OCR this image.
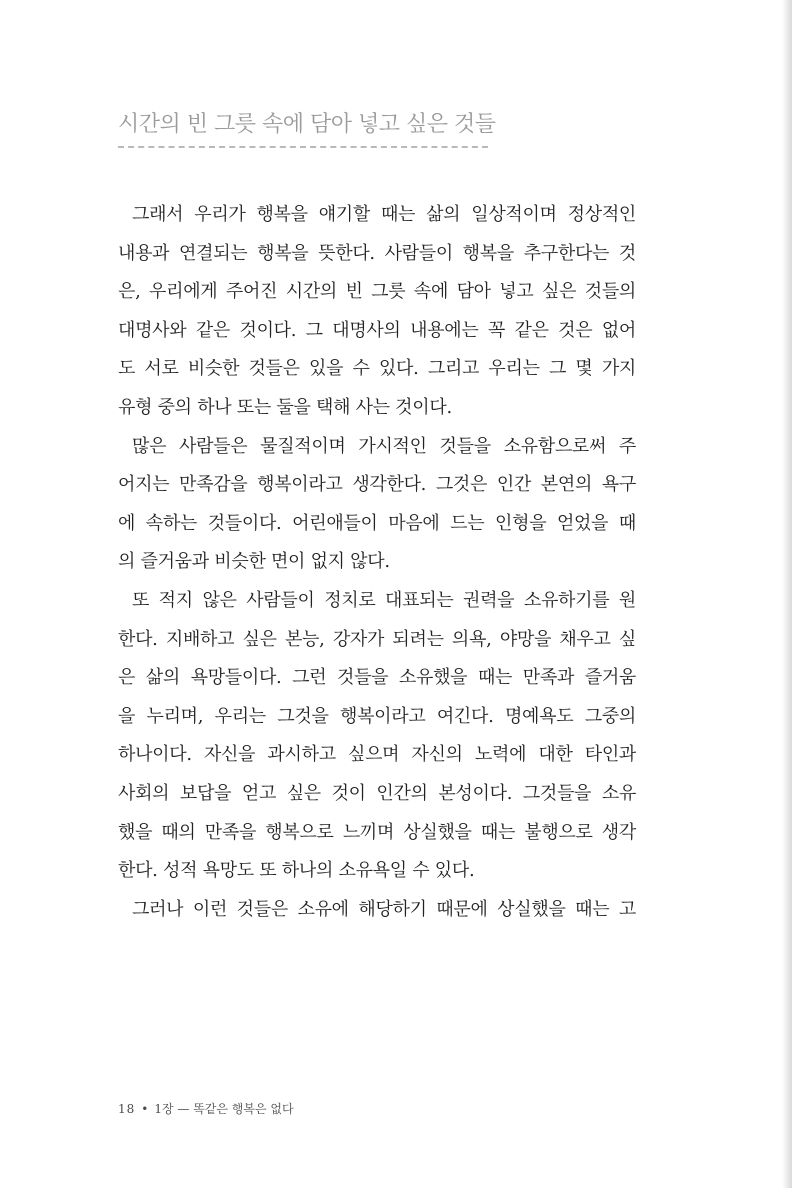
시간의 빈 그릇 속에 담아 넣고 싶은 것들
그래서 우리가 행복을 얘기할 때는 삶의 일상적이며 정상적인
내용과 연결되는 행복을 뜻한다. 사람들이 행복을 추구한다는 것
은, 우리에게 주어진 시간의 빈 그릇 속에 담아 넣고 싶은 것들의
대명사와 같은 것이다. 그 대명사의 내용에는 꼭 같은 것은 없어
도 서로 비슷한 것들은 있을 수 있다. 그리고 우리는 그 몇 가지
유형 중의 하나 또는 둘을 택해 사는 것이다.
많은 사람들은 물질적이며 가시적인 것들을 소유함으로써 주
어지는 만족감을 행복이라고 생각한다. 그것은 인간 본연의 욕구
에 속하는 것들이다. 어린애들이 마음에 드는 인형을 얻었을 때
의 즐거움과 비슷한 면이 없지 않다.
또 적지 않은 사람들이 정치로 대표되는 권력을 소유하기를 원
한다. 지배하고 싶은 본능, 강자가 되려는 의욕, 야망을 채우고 싶
은 삶의 욕망들이다. 그런 것들을 소유했을 때는 만족과 즐거움
을 누리며, 우리는 그것을 행복이라고 여긴다. 명예욕도 그중의
하나이다. 자신을 과시하고 싶으며 자신의 노력에 대한 타인과
사회의 보답을 얻고 싶은 것이 인간의 본성이다. 그것들을 소유
했을 때의 만족을 행복으로 느끼며 상실했을 때는 불행으로 생각
한다. 성적 욕망도 또 하나의 소유욕일 수 있다.
그러나 이런 것들은 소유에 해당하기 때문에 상실했을 때는 고
18 • 1장 — 똑같은 행복은 없다
